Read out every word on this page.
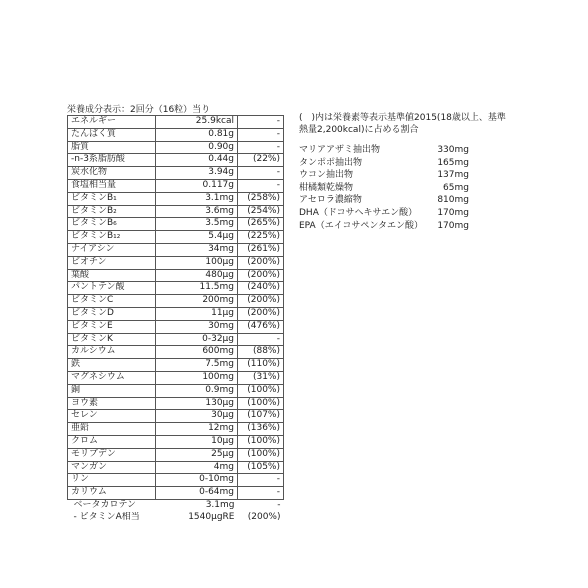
栄養成分表示：2回分（16粒）当り
エネルギー	25.9kcal	-
たんぱく質	0.81g	-
脂質	0.90g	-
-n-3系脂肪酸	0.44g	(22%)
炭水化物	3.94g	-
食塩相当量	0.117g	-
ビタミンB₁	3.1mg	(258%)
ビタミンB₂	3.6mg	(254%)
ビタミンB₆	3.5mg	(265%)
ビタミンB₁₂	5.4μg	(225%)
ナイアシン	34mg	(261%)
ビオチン	100μg	(200%)
葉酸	480μg	(200%)
パントテン酸	11.5mg	(240%)
ビタミンC	200mg	(200%)
ビタミンD	11μg	(200%)
ビタミンE	30mg	(476%)
ビタミンK	0-32μg	-
カルシウム	600mg	(88%)
鉄	7.5mg	(110%)
マグネシウム	100mg	(31%)
銅	0.9mg	(100%)
ヨウ素	130μg	(100%)
セレン	30μg	(107%)
亜鉛	12mg	(136%)
クロム	10μg	(100%)
モリブデン	25μg	(100%)
マンガン	4mg	(105%)
リン	0-10mg	-
カリウム	0-64mg	-
ベータカロテン	3.1mg	-
- ビタミンA相当	1540μgRE	(200%)
(　)内は栄養素等表示基準値2015(18歳以上、基準熱量2,200kcal)に占める割合
マリアアザミ抽出物	330mg
タンポポ抽出物	165mg
ウコン抽出物	137mg
柑橘類乾燥物	65mg
アセロラ濃縮物	810mg
DHA（ドコサヘキサエン酸）	170mg
EPA（エイコサペンタエン酸）	170mg
